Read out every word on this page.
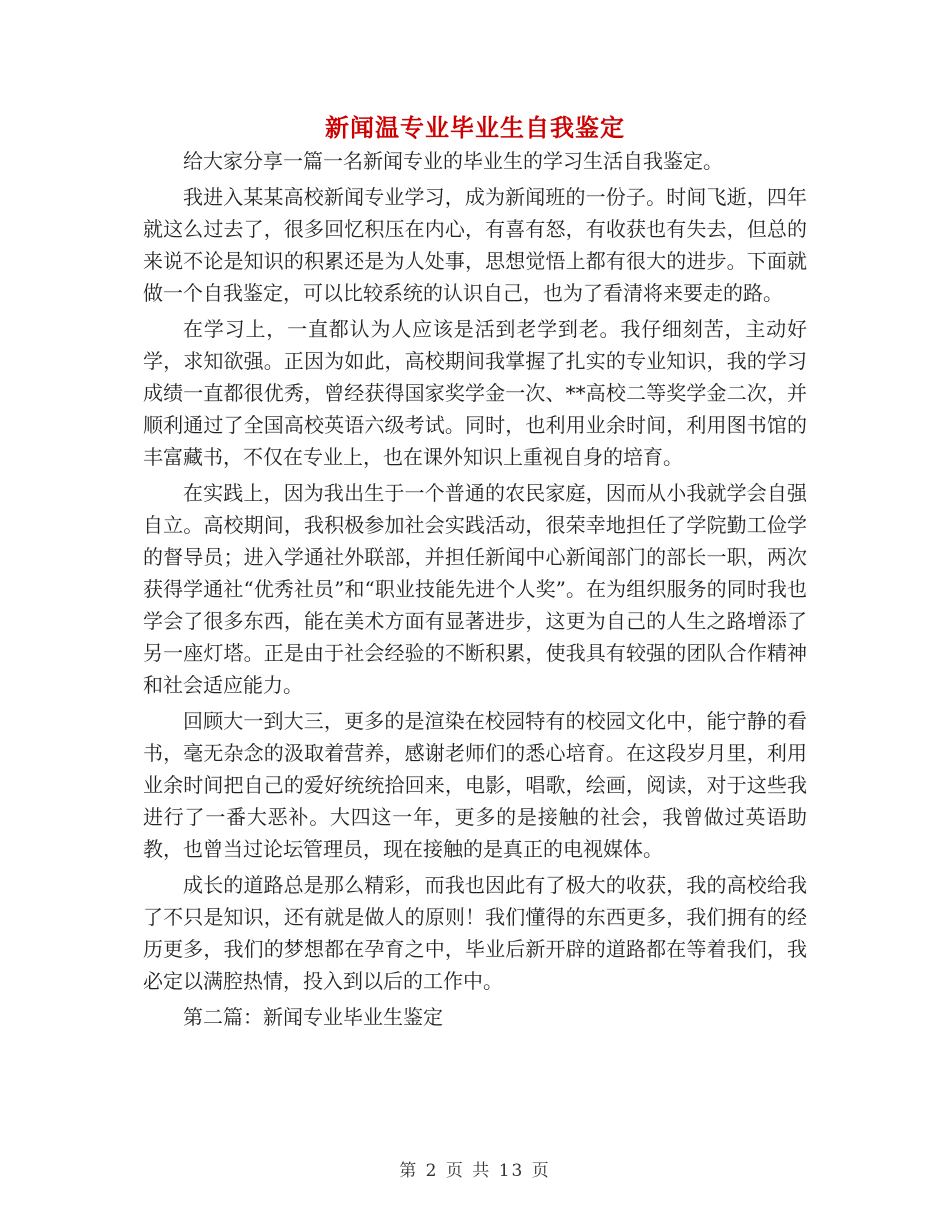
新闻温专业毕业生自我鉴定

给大家分享一篇一名新闻专业的毕业生的学习生活自我鉴定。

我进入某某高校新闻专业学习，成为新闻班的一份子。时间飞逝，四年就这么过去了，很多回忆积压在内心，有喜有怒，有收获也有失去，但总的来说不论是知识的积累还是为人处事，思想觉悟上都有很大的进步。下面就做一个自我鉴定，可以比较系统的认识自己，也为了看清将来要走的路。

在学习上，一直都认为人应该是活到老学到老。我仔细刻苦，主动好学，求知欲强。正因为如此，高校期间我掌握了扎实的专业知识，我的学习成绩一直都很优秀，曾经获得国家奖学金一次、**高校二等奖学金二次，并顺利通过了全国高校英语六级考试。同时，也利用业余时间，利用图书馆的丰富藏书，不仅在专业上，也在课外知识上重视自身的培育。

在实践上，因为我出生于一个普通的农民家庭，因而从小我就学会自强自立。高校期间，我积极参加社会实践活动，很荣幸地担任了学院勤工俭学的督导员；进入学通社外联部，并担任新闻中心新闻部门的部长一职，两次获得学通社“优秀社员”和“职业技能先进个人奖”。在为组织服务的同时我也学会了很多东西，能在美术方面有显著进步，这更为自己的人生之路增添了另一座灯塔。正是由于社会经验的不断积累，使我具有较强的团队合作精神和社会适应能力。

回顾大一到大三，更多的是渲染在校园特有的校园文化中，能宁静的看书，毫无杂念的汲取着营养，感谢老师们的悉心培育。在这段岁月里，利用业余时间把自己的爱好统统拾回来，电影，唱歌，绘画，阅读，对于这些我进行了一番大恶补。大四这一年，更多的是接触的社会，我曾做过英语助教，也曾当过论坛管理员，现在接触的是真正的电视媒体。

成长的道路总是那么精彩，而我也因此有了极大的收获，我的高校给我了不只是知识，还有就是做人的原则！我们懂得的东西更多，我们拥有的经历更多，我们的梦想都在孕育之中，毕业后新开辟的道路都在等着我们，我必定以满腔热情，投入到以后的工作中。

第二篇：新闻专业毕业生鉴定

第 2 页 共 13 页
